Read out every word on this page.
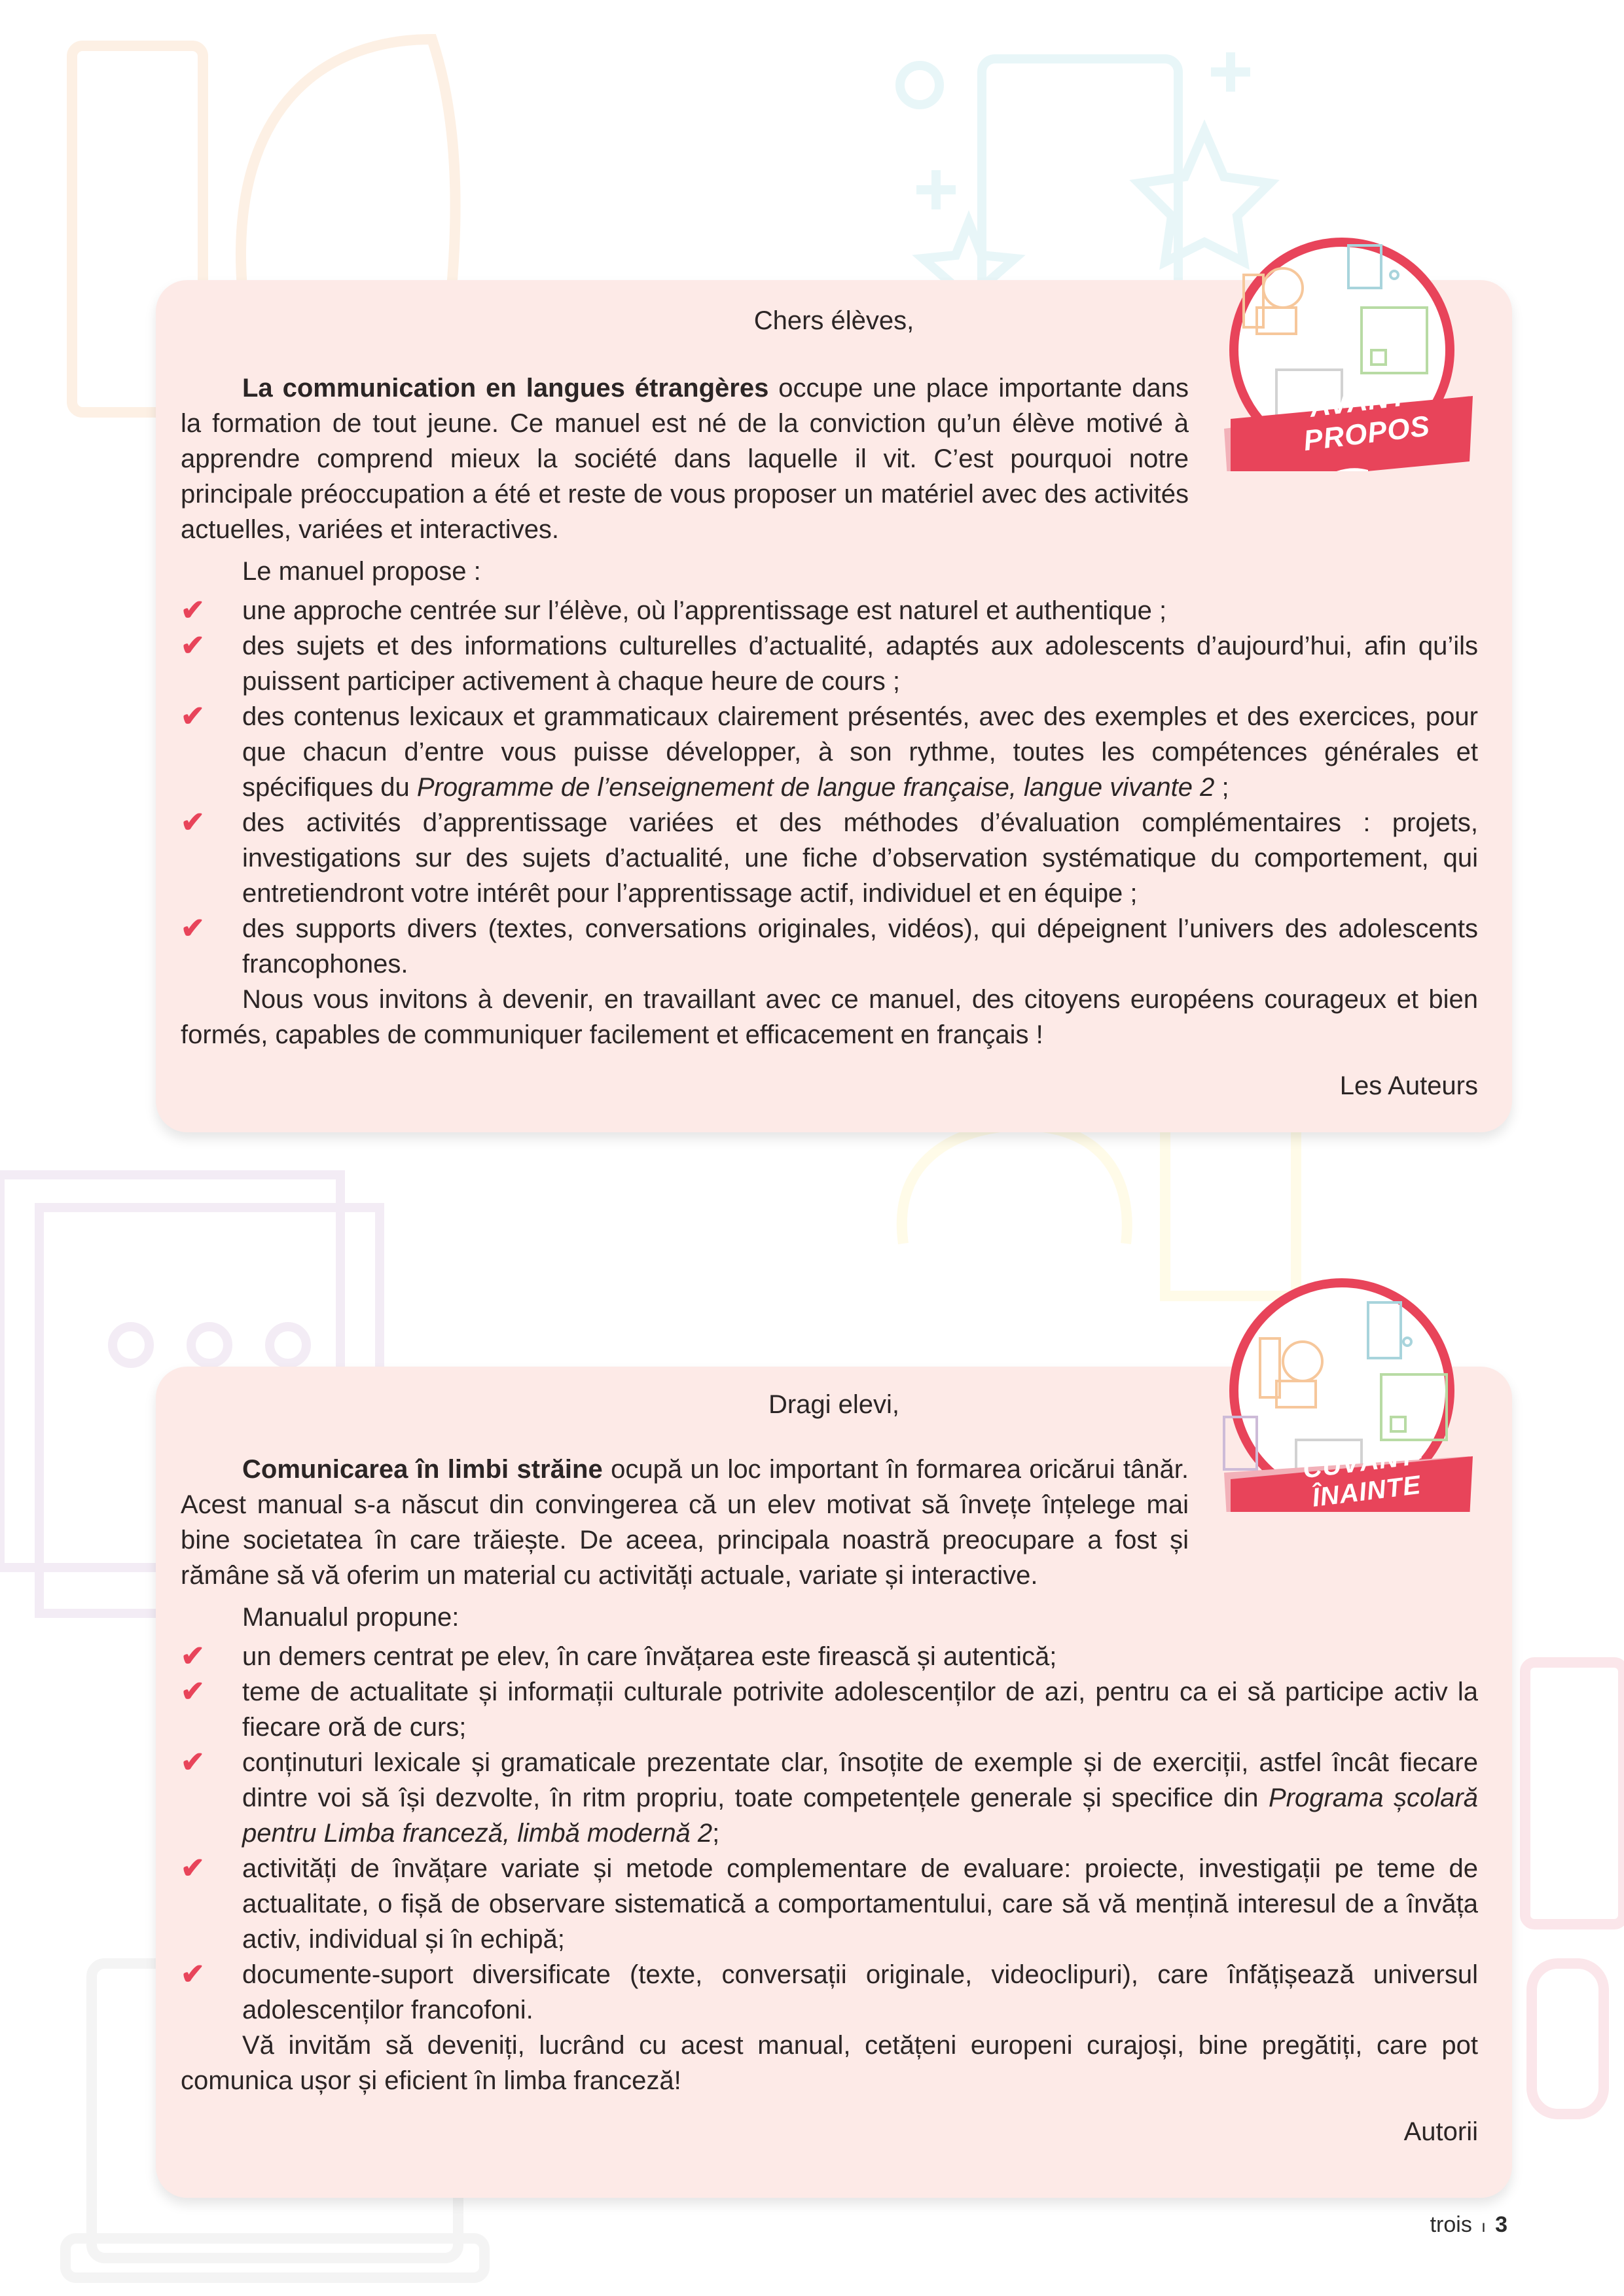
Chers élèves,

La communication en langues étrangères occupe une place importante dans la formation de tout jeune. Ce manuel est né de la conviction qu’un élève motivé à apprendre comprend mieux la société dans laquelle il vit. C’est pourquoi notre principale préoccupation a été et reste de vous proposer un matériel avec des activités actuelles, variées et interactives.

Le manuel propose :

✔ une approche centrée sur l’élève, où l’apprentissage est naturel et authentique ;
✔ des sujets et des informations culturelles d’actualité, adaptés aux adolescents d’aujourd’hui, afin qu’ils puissent participer activement à chaque heure de cours ;
✔ des contenus lexicaux et grammaticaux clairement présentés, avec des exemples et des exercices, pour que chacun d’entre vous puisse développer, à son rythme, toutes les compétences générales et spécifiques du Programme de l’enseignement de langue française, langue vivante 2 ;
✔ des activités d’apprentissage variées et des méthodes d’évaluation complémentaires : projets, investigations sur des sujets d’actualité, une fiche d’observation systématique du comportement, qui entretiendront votre intérêt pour l’apprentissage actif, individuel et en équipe ;
✔ des supports divers (textes, conversations originales, vidéos), qui dépeignent l’univers des adolescents francophones.

Nous vous invitons à devenir, en travaillant avec ce manuel, des citoyens européens courageux et bien formés, capables de communiquer facilement et efficacement en français !

Les Auteurs

AVANT-PROPOS
Dragi elevi,

Comunicarea în limbi străine ocupă un loc important în formarea oricărui tânăr. Acest manual s-a născut din convingerea că un elev motivat să învețe înțelege mai bine societatea în care trăiește. De aceea, principala noastră preocupare a fost și rămâne să vă oferim un material cu activități actuale, variate și interactive.

Manualul propune:

✔ un demers centrat pe elev, în care învățarea este firească și autentică;
✔ teme de actualitate și informații culturale potrivite adolescenților de azi, pentru ca ei să participe activ la fiecare oră de curs;
✔ conținuturi lexicale și gramaticale prezentate clar, însoțite de exemple și de exerciții, astfel încât fiecare dintre voi să își dezvolte, în ritm propriu, toate competențele generale și specifice din Programa școlară pentru Limba franceză, limbă modernă 2;
✔ activități de învățare variate și metode complementare de evaluare: proiecte, investigații pe teme de actualitate, o fișă de observare sistematică a comportamentului, care să vă mențină interesul de a învăța activ, individual și în echipă;
✔ documente-suport diversificate (texte, conversații originale, videoclipuri), care înfățișează universul adolescenților francofoni.

Vă invităm să deveniți, lucrând cu acest manual, cetățeni europeni curajoși, bine pregătiți, care pot comunica ușor și eficient în limba franceză!

Autorii

CUVÂNT-ÎNAINTE
trois ı 3
